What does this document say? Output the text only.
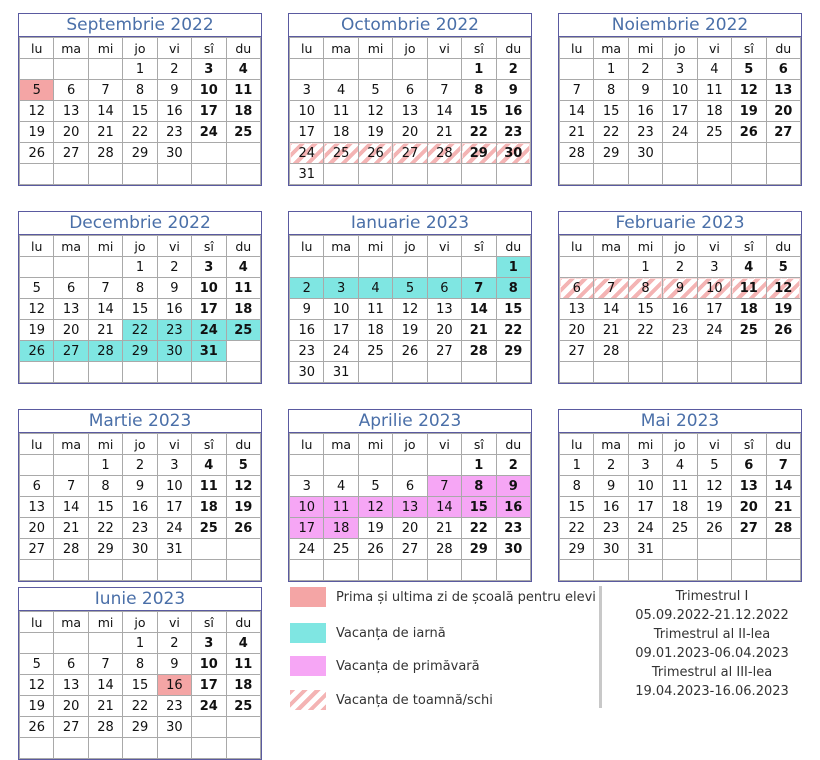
Septembrie 2022
lu	ma	mi	jo	vi	sî	du
			1	2	3	4
5	6	7	8	9	10	11
12	13	14	15	16	17	18
19	20	21	22	23	24	25
26	27	28	29	30		

Octombrie 2022
lu	ma	mi	jo	vi	sî	du
					1	2
3	4	5	6	7	8	9
10	11	12	13	14	15	16
17	18	19	20	21	22	23
24	25	26	27	28	29	30
31						
Noiembrie 2022
lu	ma	mi	jo	vi	sî	du
	1	2	3	4	5	6
7	8	9	10	11	12	13
14	15	16	17	18	19	20
21	22	23	24	25	26	27
28	29	30				

Decembrie 2022
lu	ma	mi	jo	vi	sî	du
			1	2	3	4
5	6	7	8	9	10	11
12	13	14	15	16	17	18
19	20	21	22	23	24	25
26	27	28	29	30	31	

Ianuarie 2023
lu	ma	mi	jo	vi	sî	du
						1
2	3	4	5	6	7	8
9	10	11	12	13	14	15
16	17	18	19	20	21	22
23	24	25	26	27	28	29
30	31					
Februarie 2023
lu	ma	mi	jo	vi	sî	du
		1	2	3	4	5
6	7	8	9	10	11	12
13	14	15	16	17	18	19
20	21	22	23	24	25	26
27	28					

Martie 2023
lu	ma	mi	jo	vi	sî	du
		1	2	3	4	5
6	7	8	9	10	11	12
13	14	15	16	17	18	19
20	21	22	23	24	25	26
27	28	29	30	31		

Aprilie 2023
lu	ma	mi	jo	vi	sî	du
					1	2
3	4	5	6	7	8	9
10	11	12	13	14	15	16
17	18	19	20	21	22	23
24	25	26	27	28	29	30

Mai 2023
lu	ma	mi	jo	vi	sî	du
1	2	3	4	5	6	7
8	9	10	11	12	13	14
15	16	17	18	19	20	21
22	23	24	25	26	27	28
29	30	31				

Iunie 2023
lu	ma	mi	jo	vi	sî	du
			1	2	3	4
5	6	7	8	9	10	11
12	13	14	15	16	17	18
19	20	21	22	23	24	25
26	27	28	29	30		

Prima și ultima zi de școală pentru elevi
Vacanța de iarnă
Vacanța de primăvară
Vacanța de toamnă/schi
Trimestrul I
05.09.2022-21.12.2022
Trimestrul al II-lea
09.01.2023-06.04.2023
Trimestrul al III-lea
19.04.2023-16.06.2023
